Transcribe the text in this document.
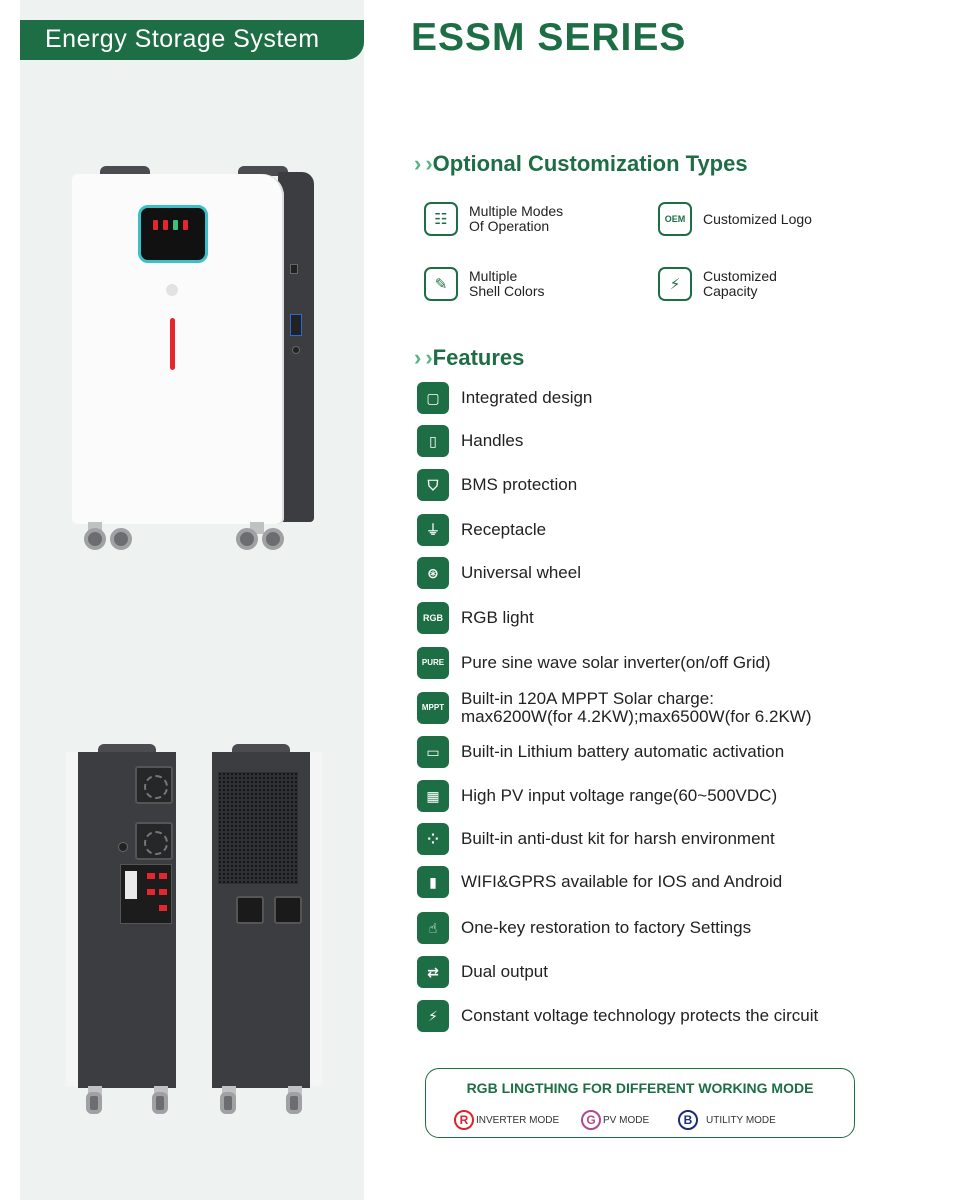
Energy Storage System	ESSM SERIES
› › Optional Customization Types
☷	Multiple Modes
Of Operation	OEM	Customized Logo
✎	Multiple
Shell Colors	⚡	Customized
Capacity
› › Features
▢	Integrated design
▯	Handles
⛉	BMS protection
⏚	Receptacle
⊛	Universal wheel
RGB	RGB light
PURE Pure sine wave solar inverter(on/off Grid)
MPPT Built-in 120A MPPT Solar charge:
max6200W(for 4.2KW);max6500W(for 6.2KW)
▭	Built-in Lithium battery automatic activation
▦	High PV input voltage range(60~500VDC)
⁘	Built-in anti-dust kit for harsh environment
▮	WIFI&GPRS available for IOS and Android
☝	One-key restoration to factory Settings
⇄	Dual output
⚡	Constant voltage technology protects the circuit
RGB LINGTHING FOR DIFFERENT WORKING MODE
R INVERTER MODE	G PV MODE	B	UTILITY MODE
